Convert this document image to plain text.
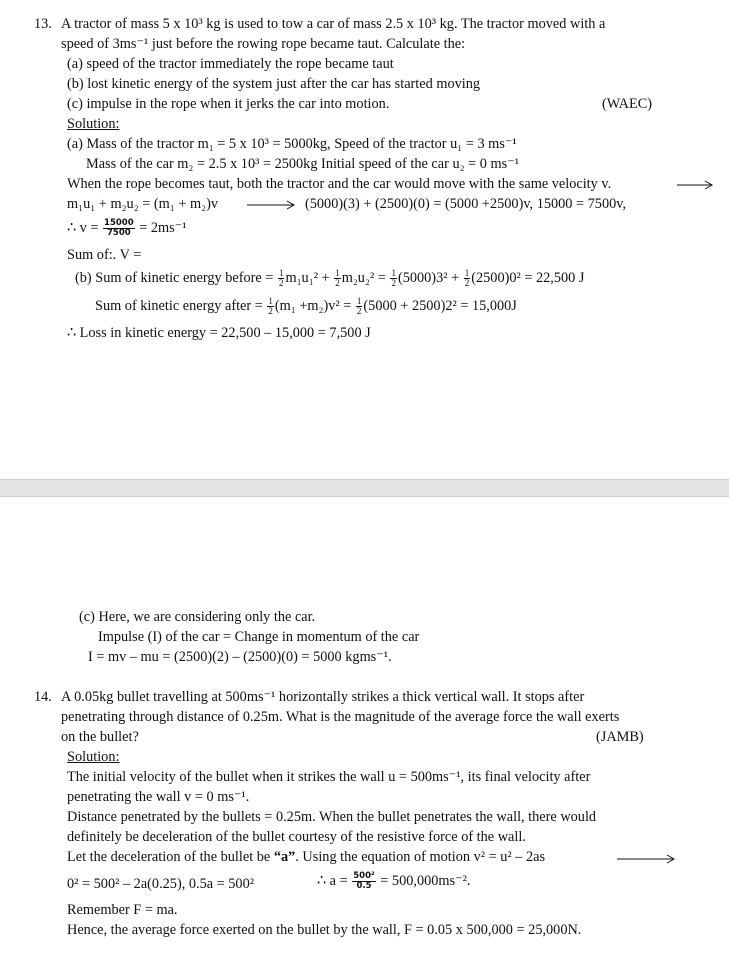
13. A tractor of mass 5 x 10³ kg is used to tow a car of mass 2.5 x 10³ kg. The tractor moved with a
speed of 3ms⁻¹ just before the rowing rope became taut. Calculate the:
(a) speed of the tractor immediately the rope became taut
(b) lost kinetic energy of the system just after the car has started moving
(c) impulse in the rope when it jerks the car into motion.	(WAEC)
Solution:
(a) Mass of the tractor m₁ = 5 x 10³ = 5000kg, Speed of the tractor u₁ = 3 ms⁻¹
Mass of the car m₂ = 2.5 x 10³ = 2500kg Initial speed of the car u₂ = 0 ms⁻¹
When the rope becomes taut, both the tractor and the car would move with the same velocity v.
m₁u₁ + m₂u₂ = (m₁ + m₂)v	(5000)(3) + (2500)(0) = (5000 +2500)v, 15000 = 7500v,
∴ $v = \frac{15000}{7500} = 2ms^{-1}$
Sum of:. V =
(b) Sum of kinetic energy before = $\frac{1}{2} m_1u_1^2 + \frac{1}{2} m_2u_2^2 = \frac{1}{2} (5000)3^2 + \frac{1}{2} (2500)0^2 = 22,500$ J
Sum of kinetic energy after = $\frac{1}{2} (m_1 +m_2)v^2 = \frac{1}{2} (5000 + 2500)2^2 = 15,000J$
∴ Loss in kinetic energy = 22,500 – 15,000 = 7,500 J
(c) Here, we are considering only the car.
Impulse (I) of the car = Change in momentum of the car
I = mv – mu = (2500)(2) – (2500)(0) = 5000 kgms⁻¹.
14. A 0.05kg bullet travelling at 500ms⁻¹ horizontally strikes a thick vertical wall. It stops after
penetrating through distance of 0.25m. What is the magnitude of the average force the wall exerts
on the bullet?	(JAMB)
Solution:
The initial velocity of the bullet when it strikes the wall u = 500ms⁻¹, its final velocity after
penetrating the wall v = 0 ms⁻¹.
Distance penetrated by the bullets = 0.25m. When the bullet penetrates the wall, there would
definitely be deceleration of the bullet courtesy of the resistive force of the wall.
Let the deceleration of the bullet be “a”. Using the equation of motion v² = u² – 2as
0² = 500² – 2a(0.25), 0.5a = 500²	∴ $a = \frac{\text{500²}}{0.5} = 500,000ms^{-2}$.
Remember F = ma.
Hence, the average force exerted on the bullet by the wall, F = 0.05 x 500,000 = 25,000N.
